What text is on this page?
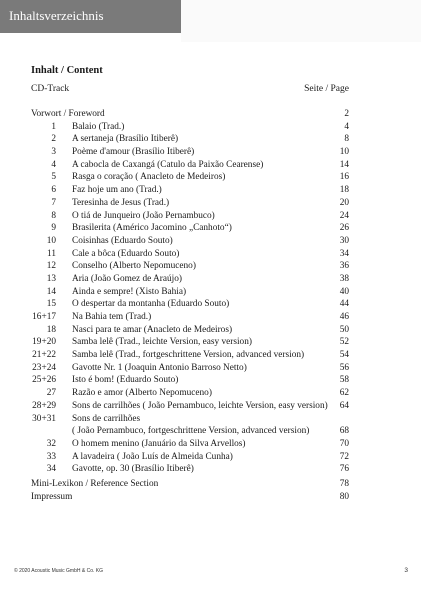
Inhaltsverzeichnis
Inhalt / Content
CD-Track	Seite / Page
Vorwort / Foreword	2
1 Balaio (Trad.)	4
2 A sertaneja (Brasílio Itiberê)	8
3 Poème d'amour (Brasílio Itiberê)	10
4 A cabocla de Caxangá (Catulo da Paixão Cearense)	14
5 Rasga o coração ( Anacleto de Medeiros)	16
6 Faz hoje um ano (Trad.)	18
7 Teresinha de Jesus (Trad.)	20
8 O tiá de Junqueiro (João Pernambuco)	24
9 Brasilerita (Américo Jacomino „Canhoto“)	26
10 Coisinhas (Eduardo Souto)	30
11 Cale a bôca (Eduardo Souto)	34
12 Conselho (Alberto Nepomuceno)	36
13 Aria (João Gomez de Araújo)	38
14 Ainda e sempre! (Xisto Bahia)	40
15 O despertar da montanha (Eduardo Souto)	44
16+17 Na Bahia tem (Trad.)	46
18 Nasci para te amar (Anacleto de Medeiros)	50
19+20 Samba lelê (Trad., leichte Version, easy version)	52
21+22 Samba lelê (Trad., fortgeschrittene Version, advanced version)	54
23+24 Gavotte Nr. 1 (Joaquin Antonio Barroso Netto)	56
25+26 Isto é bom! (Eduardo Souto)	58
27 Razão e amor (Alberto Nepomuceno)	62
28+29 Sons de carrilhões ( João Pernambuco, leichte Version, easy version) 64
30+31 Sons de carrilhões
( João Pernambuco, fortgeschrittene Version, advanced version)	68
32 O homem menino (Januário da Silva Arvellos)	70
33 A lavadeira ( João Luís de Almeida Cunha)	72
34 Gavotte, op. 30 (Brasílio Itiberê)	76
Mini-Lexikon / Reference Section	78
Impressum	80
© 2020 Acoustic Music GmbH & Co. KG	3
